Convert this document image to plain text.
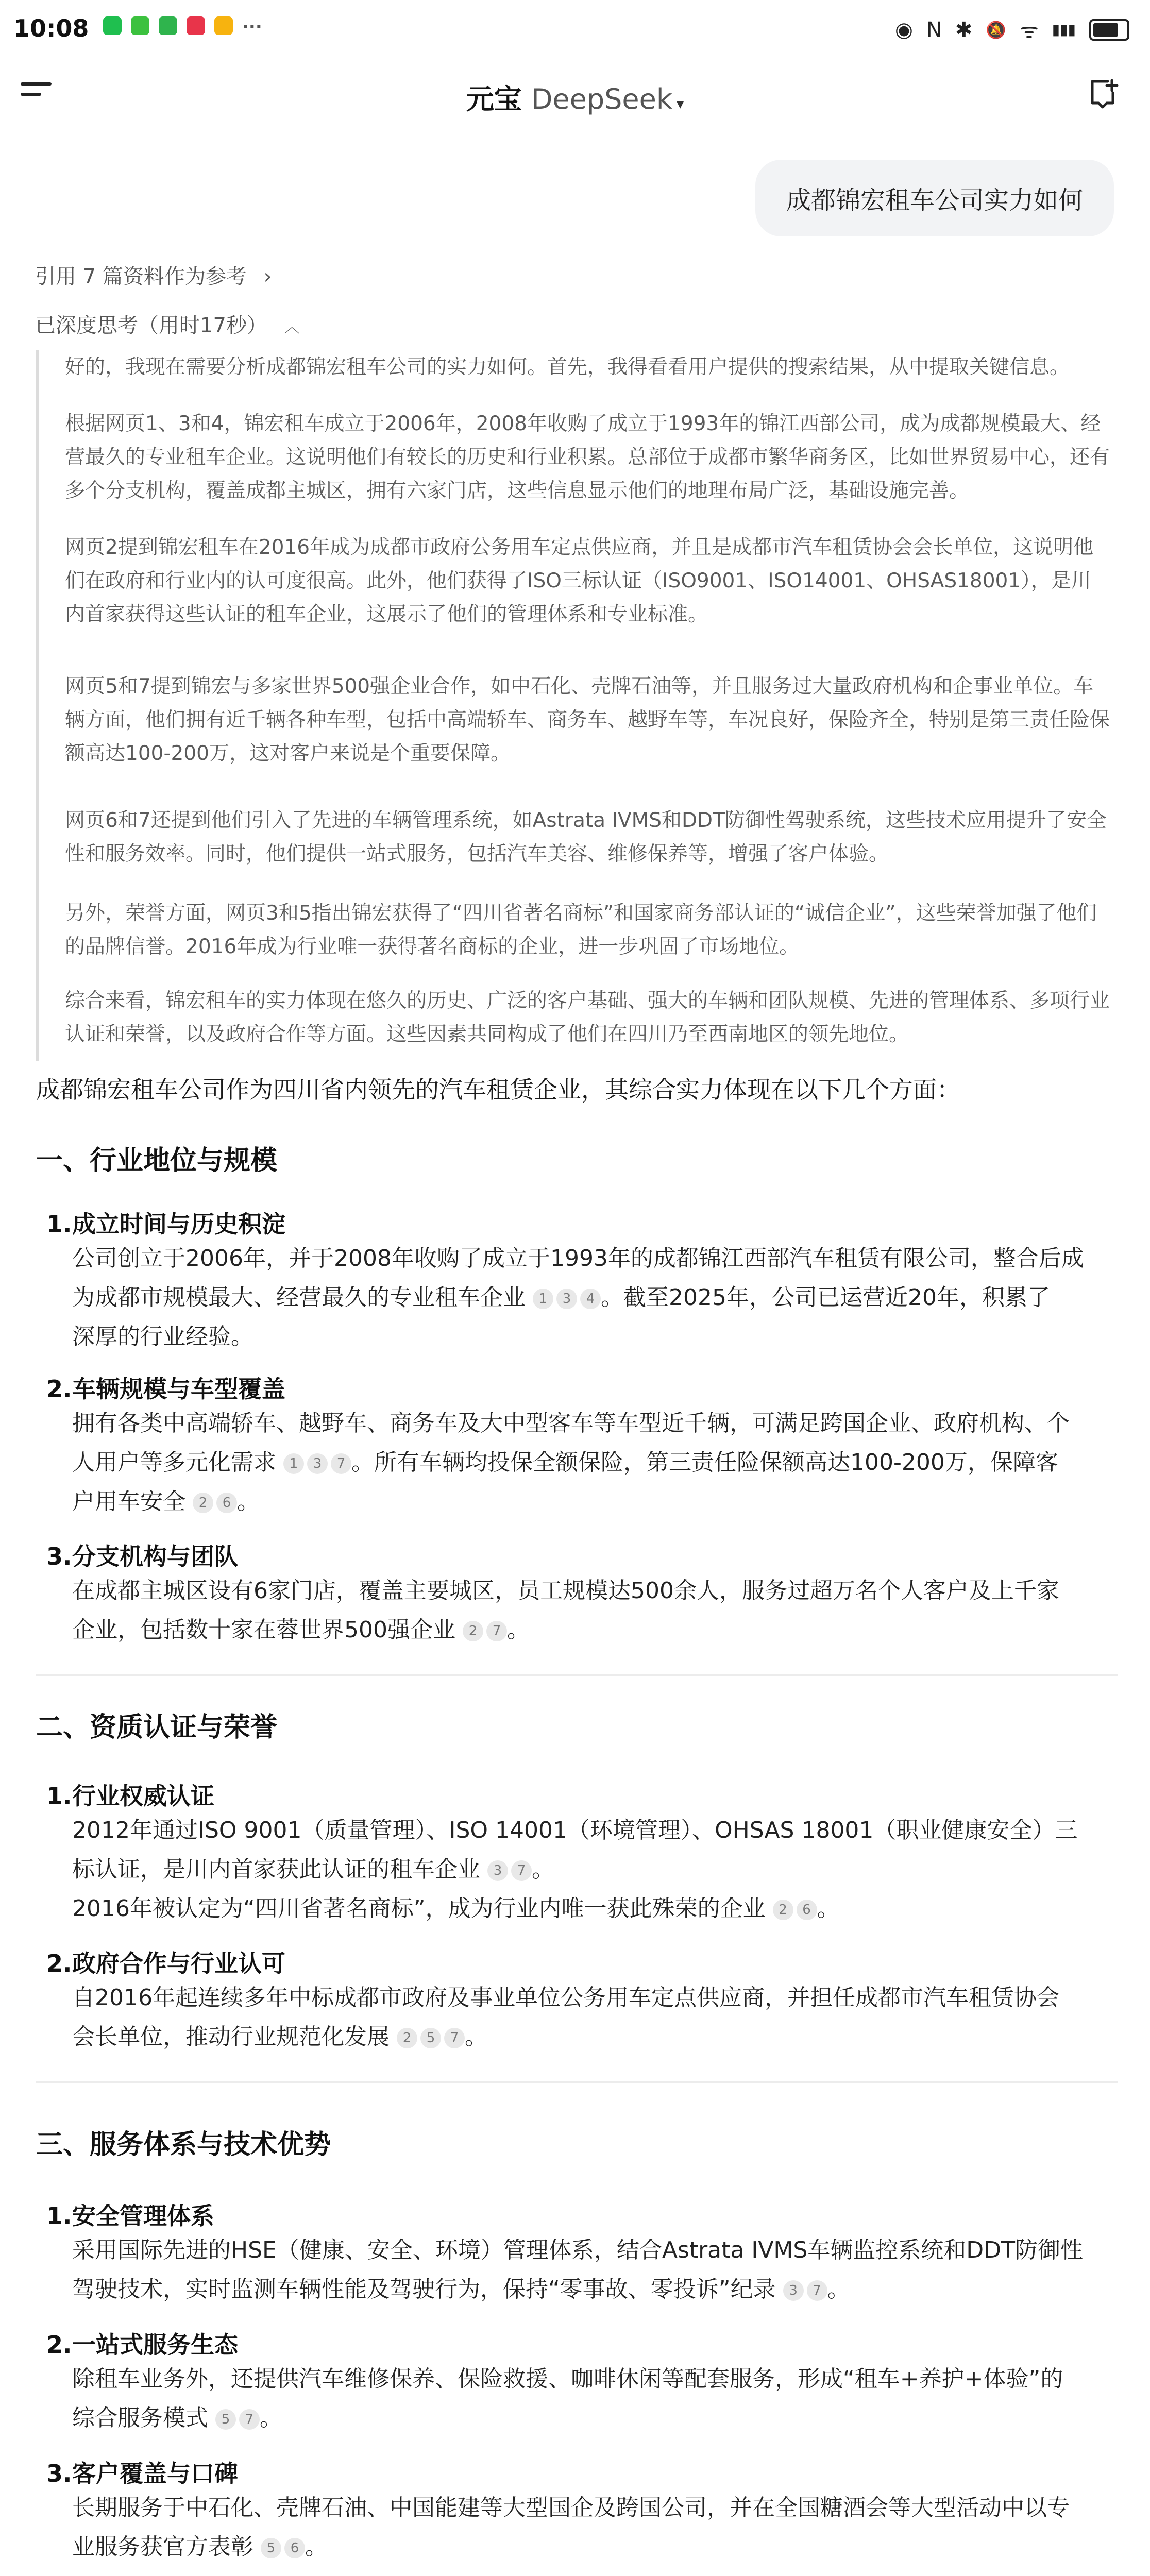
10:08	···	◉ N ✱ 🔕 ᯤ ▮▮▮
元宝 DeepSeek ▾
成都锦宏租车公司实力如何
引用 7 篇资料作为参考 ›
已深度思考（用时17秒） ︿

好的，我现在需要分析成都锦宏租车公司的实力如何。首先，我得看看用户提供的搜索结果，从中提取关键信息。

根据网页1、3和4，锦宏租车成立于2006年，2008年收购了成立于1993年的锦江西部公司，成为成都规模最大、经营最久的专业租车企业。这说明他们有较长的历史和行业积累。总部位于成都市繁华商务区，比如世界贸易中心，还有多个分支机构，覆盖成都主城区，拥有六家门店，这些信息显示他们的地理布局广泛，基础设施完善。

网页2提到锦宏租车在2016年成为成都市政府公务用车定点供应商，并且是成都市汽车租赁协会会长单位，这说明他们在政府和行业内的认可度很高。此外，他们获得了ISO三标认证（ISO9001、ISO14001、OHSAS18001），是川内首家获得这些认证的租车企业，这展示了他们的管理体系和专业标准。

网页5和7提到锦宏与多家世界500强企业合作，如中石化、壳牌石油等，并且服务过大量政府机构和企事业单位。车辆方面，他们拥有近千辆各种车型，包括中高端轿车、商务车、越野车等，车况良好，保险齐全，特别是第三责任险保额高达100-200万，这对客户来说是个重要保障。

网页6和7还提到他们引入了先进的车辆管理系统，如Astrata IVMS和DDT防御性驾驶系统，这些技术应用提升了安全性和服务效率。同时，他们提供一站式服务，包括汽车美容、维修保养等，增强了客户体验。

另外，荣誉方面，网页3和5指出锦宏获得了“四川省著名商标”和国家商务部认证的“诚信企业”，这些荣誉加强了他们的品牌信誉。2016年成为行业唯一获得著名商标的企业，进一步巩固了市场地位。

综合来看，锦宏租车的实力体现在悠久的历史、广泛的客户基础、强大的车辆和团队规模、先进的管理体系、多项行业认证和荣誉，以及政府合作等方面。这些因素共同构成了他们在四川乃至西南地区的领先地位。

成都锦宏租车公司作为四川省内领先的汽车租赁企业，其综合实力体现在以下几个方面：
一、行业地位与规模
1.成立时间与历史积淀
公司创立于2006年，并于2008年收购了成立于1993年的成都锦江西部汽车租赁有限公司，整合后成
为成都市规模最大、经营最久的专业租车企业 1	3	4 。截至2025年，公司已运营近20年，积累了
深厚的行业经验。
2.车辆规模与车型覆盖
拥有各类中高端轿车、越野车、商务车及大中型客车等车型近千辆，可满足跨国企业、政府机构、个
人用户等多元化需求 1	3	7 。所有车辆均投保全额保险，第三责任险保额高达100-200万，保障客
户用车安全 2	6 。
3.分支机构与团队
在成都主城区设有6家门店，覆盖主要城区，员工规模达500余人，服务过超万名个人客户及上千家
企业，包括数十家在蓉世界500强企业 2	7 。
二、资质认证与荣誉
1.行业权威认证
2012年通过ISO 9001（质量管理）、ISO 14001（环境管理）、OHSAS 18001（职业健康安全）三
标认证，是川内首家获此认证的租车企业 3	7 。
2016年被认定为“四川省著名商标”，成为行业内唯一获此殊荣的企业 2	6 。
2.政府合作与行业认可
自2016年起连续多年中标成都市政府及事业单位公务用车定点供应商，并担任成都市汽车租赁协会
会长单位，推动行业规范化发展 2	5	7 。
三、服务体系与技术优势
1.安全管理体系
采用国际先进的HSE（健康、安全、环境）管理体系，结合Astrata IVMS车辆监控系统和DDT防御性
驾驶技术，实时监测车辆性能及驾驶行为，保持“零事故、零投诉”纪录 3	7 。
2.一站式服务生态
除租车业务外，还提供汽车维修保养、保险救援、咖啡休闲等配套服务，形成“租车+养护+体验”的
综合服务模式 5	7 。
3.客户覆盖与口碑
长期服务于中石化、壳牌石油、中国能建等大型国企及跨国公司，并在全国糖酒会等大型活动中以专
业服务获官方表彰 5	6 。
